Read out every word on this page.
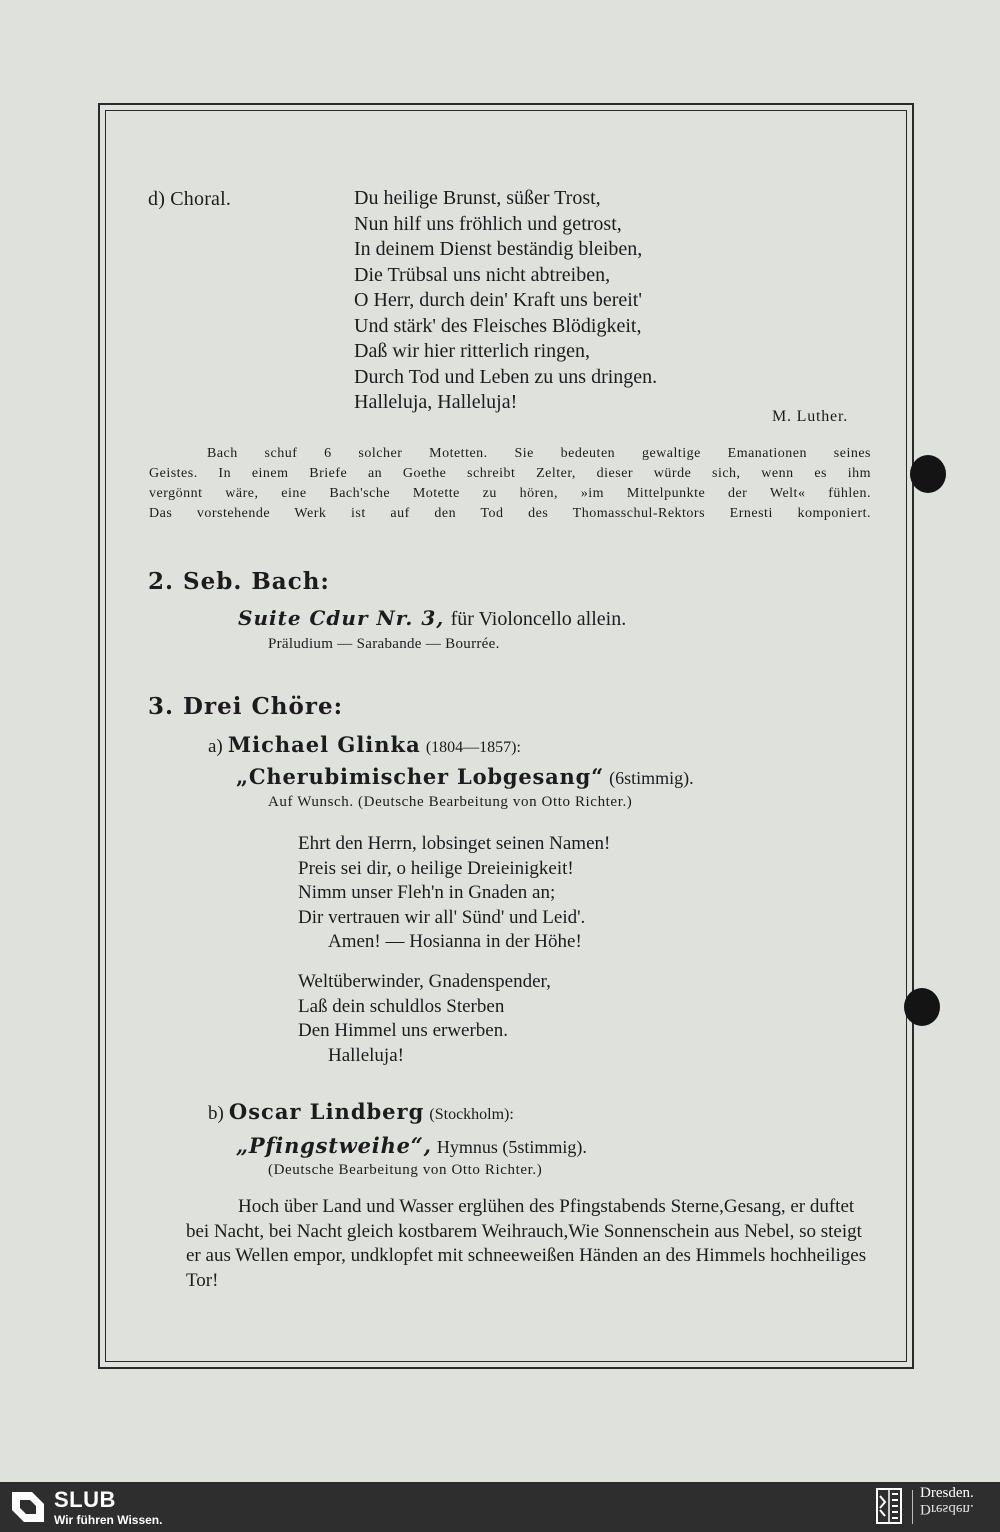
d) Choral.	Du heilige Brunst, süßer Trost,
Nun hilf uns fröhlich und getrost,
In deinem Dienst beständig bleiben,
Die Trübsal uns nicht abtreiben,
O Herr, durch dein' Kraft uns bereit'
Und stärk' des Fleisches Blödigkeit,
Daß wir hier ritterlich ringen,
Durch Tod und Leben zu uns dringen.
Halleluja, Halleluja!
M. Luther.
Bach schuf 6 solcher Motetten. Sie bedeuten gewaltige Emanationen seines
Geistes. In einem Briefe an Goethe schreibt Zelter, dieser würde sich, wenn es ihm
vergönnt wäre, eine Bach'sche Motette zu hören, »im Mittelpunkte der Welt« fühlen.
Das vorstehende Werk ist auf den Tod des Thomasschul-Rektors Ernesti komponiert.
2. Seb. Bach:
Suite Cdur Nr. 3, für Violoncello allein.
Präludium — Sarabande — Bourrée.
3. Drei Chöre:
a) Michael Glinka (1804—1857):
„Cherubimischer Lobgesang“ (6stimmig).
Auf Wunsch. (Deutsche Bearbeitung von Otto Richter.)
Ehrt den Herrn, lobsinget seinen Namen!
Preis sei dir, o heilige Dreieinigkeit!
Nimm unser Fleh'n in Gnaden an;
Dir vertrauen wir all' Sünd' und Leid'.
Amen! — Hosianna in der Höhe!
Weltüberwinder, Gnadenspender,
Laß dein schuldlos Sterben
Den Himmel uns erwerben.
Halleluja!
b) Oscar Lindberg (Stockholm):
„Pfingstweihe“, Hymnus (5stimmig).
(Deutsche Bearbeitung von Otto Richter.)
Hoch über Land und Wasser erglühen des Pfingstabends Sterne,Gesang, er duftet bei Nacht, bei Nacht gleich kostbarem Weihrauch,Wie Sonnenschein aus Nebel, so steigt er aus Wellen empor, undklopfet mit schneeweißen Händen an des Himmels hochheiliges Tor!
SLUB
Wir führen Wissen.
Dresden.
Dresden.
